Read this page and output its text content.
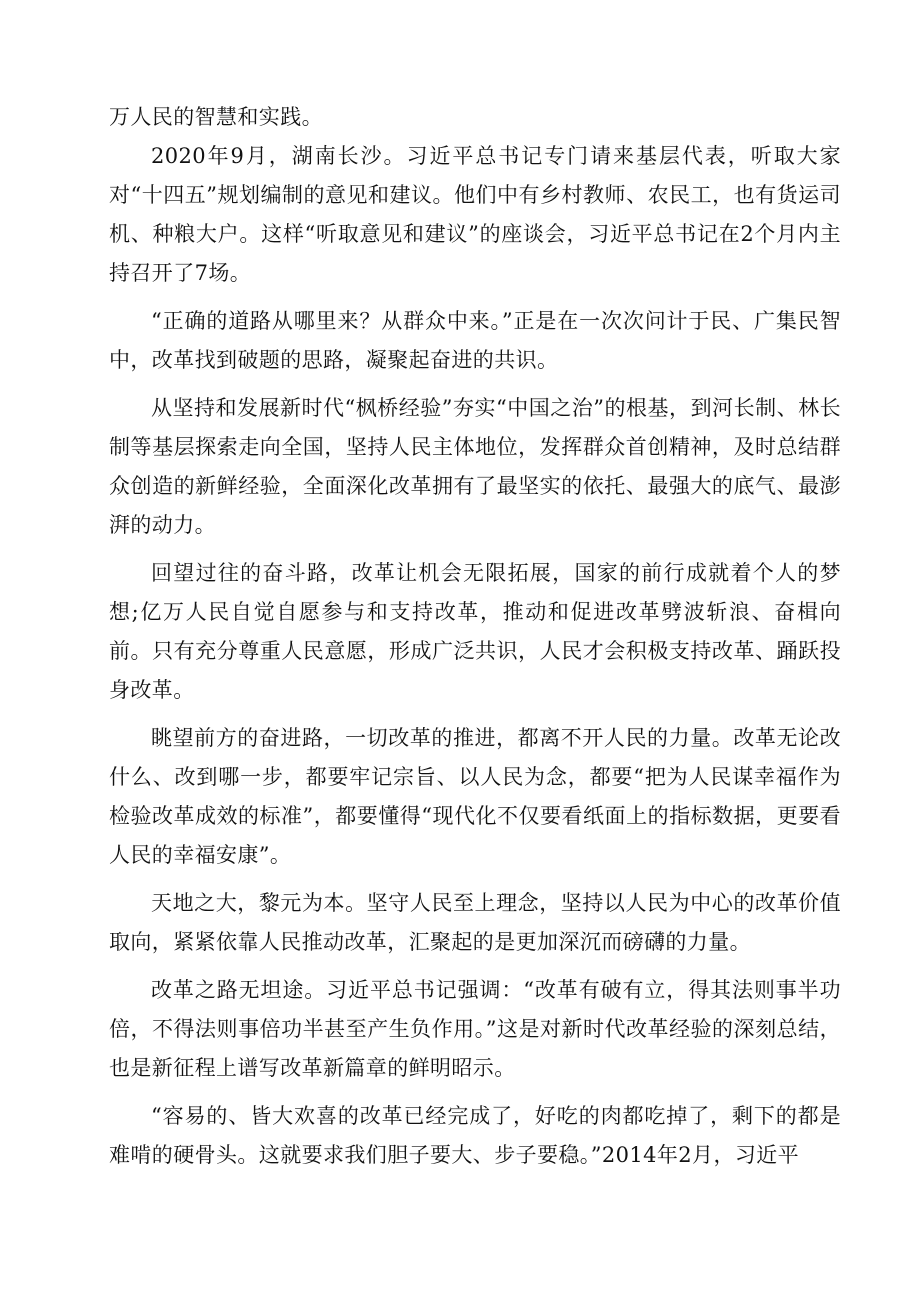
万人民的智慧和实践。

2020年9月，湖南长沙。习近平总书记专门请来基层代表，听取大家对“十四五”规划编制的意见和建议。他们中有乡村教师、农民工，也有货运司机、种粮大户。这样“听取意见和建议”的座谈会，习近平总书记在2个月内主持召开了7场。

“正确的道路从哪里来？从群众中来。”正是在一次次问计于民、广集民智中，改革找到破题的思路，凝聚起奋进的共识。

从坚持和发展新时代“枫桥经验”夯实“中国之治”的根基，到河长制、林长制等基层探索走向全国，坚持人民主体地位，发挥群众首创精神，及时总结群众创造的新鲜经验，全面深化改革拥有了最坚实的依托、最强大的底气、最澎湃的动力。

回望过往的奋斗路，改革让机会无限拓展，国家的前行成就着个人的梦想;亿万人民自觉自愿参与和支持改革，推动和促进改革劈波斩浪、奋楫向前。只有充分尊重人民意愿，形成广泛共识，人民才会积极支持改革、踊跃投身改革。

眺望前方的奋进路，一切改革的推进，都离不开人民的力量。改革无论改什么、改到哪一步，都要牢记宗旨、以人民为念，都要“把为人民谋幸福作为检验改革成效的标准”，都要懂得“现代化不仅要看纸面上的指标数据，更要看人民的幸福安康”。

天地之大，黎元为本。坚守人民至上理念，坚持以人民为中心的改革价值取向，紧紧依靠人民推动改革，汇聚起的是更加深沉而磅礴的力量。

改革之路无坦途。习近平总书记强调：“改革有破有立，得其法则事半功倍，不得法则事倍功半甚至产生负作用。”这是对新时代改革经验的深刻总结，也是新征程上谱写改革新篇章的鲜明昭示。

“容易的、皆大欢喜的改革已经完成了，好吃的肉都吃掉了，剩下的都是难啃的硬骨头。这就要求我们胆子要大、步子要稳。”2014年2月，习近平
